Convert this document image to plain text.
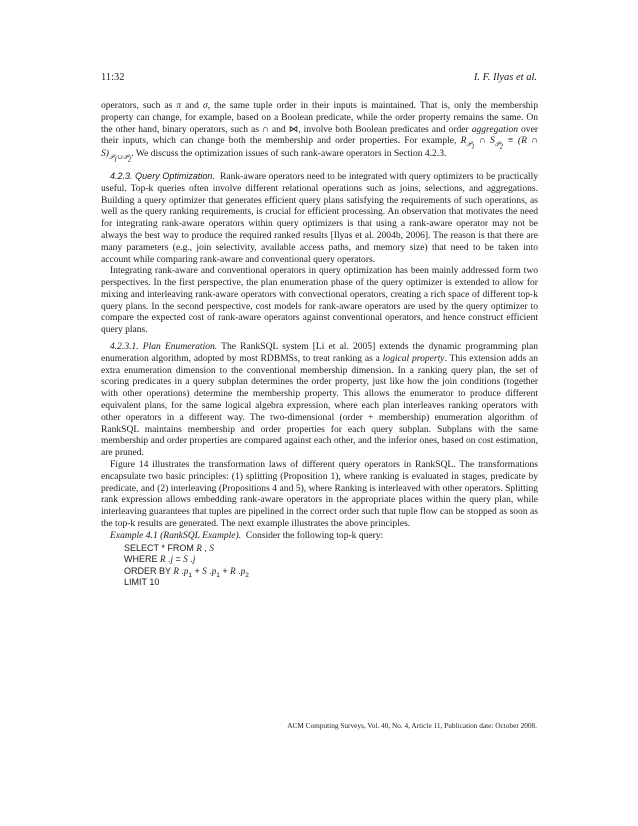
11:32	I. F. Ilyas et al.

operators, such as π and σ, the same tuple order in their inputs is maintained. That is, only the membership property can change, for example, based on a Boolean predicate, while the order property remains the same. On the other hand, binary operators, such as ∩ and ⋈, involve both Boolean predicates and order aggregation over their inputs, which can change both the membership and order properties. For example, $R_{𝒫_1}$ ∩ $S_{𝒫_2} \equiv (R$ ∩ $S)_{𝒫_1\cup 𝒫_2}$. We discuss the optimization issues of such rank-aware operators in Section 4.2.3.

4.2.3. Query Optimization. Rank-aware operators need to be integrated with query optimizers to be practically useful. Top-k queries often involve different relational operations such as joins, selections, and aggregations. Building a query optimizer that generates efficient query plans satisfying the requirements of such operations, as well as the query ranking requirements, is crucial for efficient processing. An observation that motivates the need for integrating rank-aware operators within query optimizers is that using a rank-aware operator may not be always the best way to produce the required ranked results [Ilyas et al. 2004b, 2006]. The reason is that there are many parameters (e.g., join selectivity, available access paths, and memory size) that need to be taken into account while comparing rank-aware and conventional query operators.

Integrating rank-aware and conventional operators in query optimization has been mainly addressed form two perspectives. In the first perspective, the plan enumeration phase of the query optimizer is extended to allow for mixing and interleaving rank-aware operators with convectional operators, creating a rich space of different top-k query plans. In the second perspective, cost models for rank-aware operators are used by the query optimizer to compare the expected cost of rank-aware operators against conventional operators, and hence construct efficient query plans.

4.2.3.1. Plan Enumeration. The RankSQL system [Li et al. 2005] extends the dynamic programming plan enumeration algorithm, adopted by most RDBMSs, to treat ranking as a logical property. This extension adds an extra enumeration dimension to the conventional membership dimension. In a ranking query plan, the set of scoring predicates in a query subplan determines the order property, just like how the join conditions (together with other operations) determine the membership property. This allows the enumerator to produce different equivalent plans, for the same logical algebra expression, where each plan interleaves ranking operators with other operators in a different way. The two-dimensional (order + membership) enumeration algorithm of RankSQL maintains membership and order properties for each query subplan. Subplans with the same membership and order properties are compared against each other, and the inferior ones, based on cost estimation, are pruned.

Figure 14 illustrates the transformation laws of different query operators in RankSQL. The transformations encapsulate two basic principles: (1) splitting (Proposition 1), where ranking is evaluated in stages, predicate by predicate, and (2) interleaving (Propositions 4 and 5), where Ranking is interleaved with other operators. Splitting rank expression allows embedding rank-aware operators in the appropriate places within the query plan, while interleaving guarantees that tuples are pipelined in the correct order such that tuple flow can be stopped as soon as the top-k results are generated. The next example illustrates the above principles.

Example 4.1 (RankSQL Example). Consider the following top-k query:

SELECT * FROM R , S
WHERE R .j = S .j
ORDER BY R $.p_1 + S$ $.p_1 + R$ $.p_2$
LIMIT 10
ACM Computing Surveys, Vol. 40, No. 4, Article 11, Publication date: October 2008.
